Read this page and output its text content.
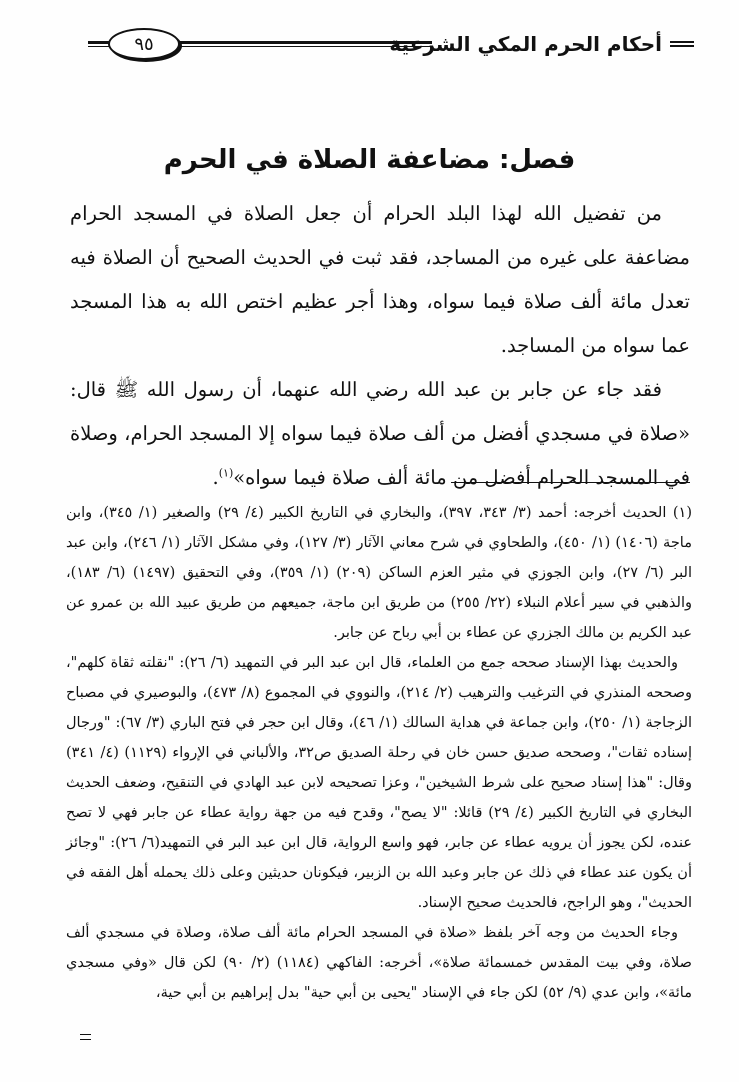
أحكام الحرم المكي الشرعية
٩٥
فصل: مضاعفة الصلاة في الحرم

من تفضيل الله لهذا البلد الحرام أن جعل الصلاة في المسجد الحرام مضاعفة على غيره من المساجد، فقد ثبت في الحديث الصحيح أن الصلاة فيه تعدل مائة ألف صلاة فيما سواه، وهذا أجر عظيم اختص الله به هذا المسجد عما سواه من المساجد.

فقد جاء عن جابر بن عبد الله رضي الله عنهما، أن رسول الله ﷺ قال: «صلاة في مسجدي أفضل من ألف صلاة فيما سواه إلا المسجد الحرام، وصلاة في المسجد الحرام أفضل من مائة ألف صلاة فيما سواه»$^{(١)}$.

(١) الحديث أخرجه: أحمد (٣/ ٣٤٣، ٣٩٧)، والبخاري في التاريخ الكبير (٤/ ٢٩) والصغير (١/ ٣٤٥)، وابن ماجة (١٤٠٦) (١/ ٤٥٠)، والطحاوي في شرح معاني الآثار (٣/ ١٢٧)، وفي مشكل الآثار (١/ ٢٤٦)، وابن عبد البر (٦/ ٢٧)، وابن الجوزي في مثير العزم الساكن (٢٠٩) (١/ ٣٥٩)، وفي التحقيق (١٤٩٧) (٦/ ١٨٣)، والذهبي في سير أعلام النبلاء (٢٢/ ٢٥٥) من طريق ابن ماجة، جميعهم من طريق عبيد الله بن عمرو عن عبد الكريم بن مالك الجزري عن عطاء بن أبي رباح عن جابر.

والحديث بهذا الإسناد صححه جمع من العلماء، قال ابن عبد البر في التمهيد (٦/ ٢٦): "نقلته ثقاة كلهم"، وصححه المنذري في الترغيب والترهيب (٢/ ٢١٤)، والنووي في المجموع (٨/ ٤٧٣)، والبوصيري في مصباح الزجاجة (١/ ٢٥٠)، وابن جماعة في هداية السالك (١/ ٤٦)، وقال ابن حجر في فتح الباري (٣/ ٦٧): "ورجال إسناده ثقات"، وصححه صديق حسن خان في رحلة الصديق ص٣٢، والألباني في الإرواء (١١٢٩) (٤/ ٣٤١) وقال: "هذا إسناد صحيح على شرط الشيخين"، وعزا تصحيحه لابن عبد الهادي في التنقيح، وضعف الحديث البخاري في التاريخ الكبير (٤/ ٢٩) قائلا: "لا يصح"، وقدح فيه من جهة رواية عطاء عن جابر فهي لا تصح عنده، لكن يجوز أن يرويه عطاء عن جابر، فهو واسع الرواية، قال ابن عبد البر في التمهيد(٦/ ٢٦): "وجائز أن يكون عند عطاء في ذلك عن جابر وعبد الله بن الزبير، فيكونان حديثين وعلى ذلك يحمله أهل الفقه في الحديث"، وهو الراجح، فالحديث صحيح الإسناد.

وجاء الحديث من وجه آخر بلفظ «صلاة في المسجد الحرام مائة ألف صلاة، وصلاة في مسجدي ألف صلاة، وفي بيت المقدس خمسمائة صلاة»، أخرجه: الفاكهي (١١٨٤) (٢/ ٩٠) لكن قال «وفي مسجدي مائة»، وابن عدي (٩/ ٥٢) لكن جاء في الإسناد "يحيى بن أبي حية" بدل إبراهيم بن أبي حية،
